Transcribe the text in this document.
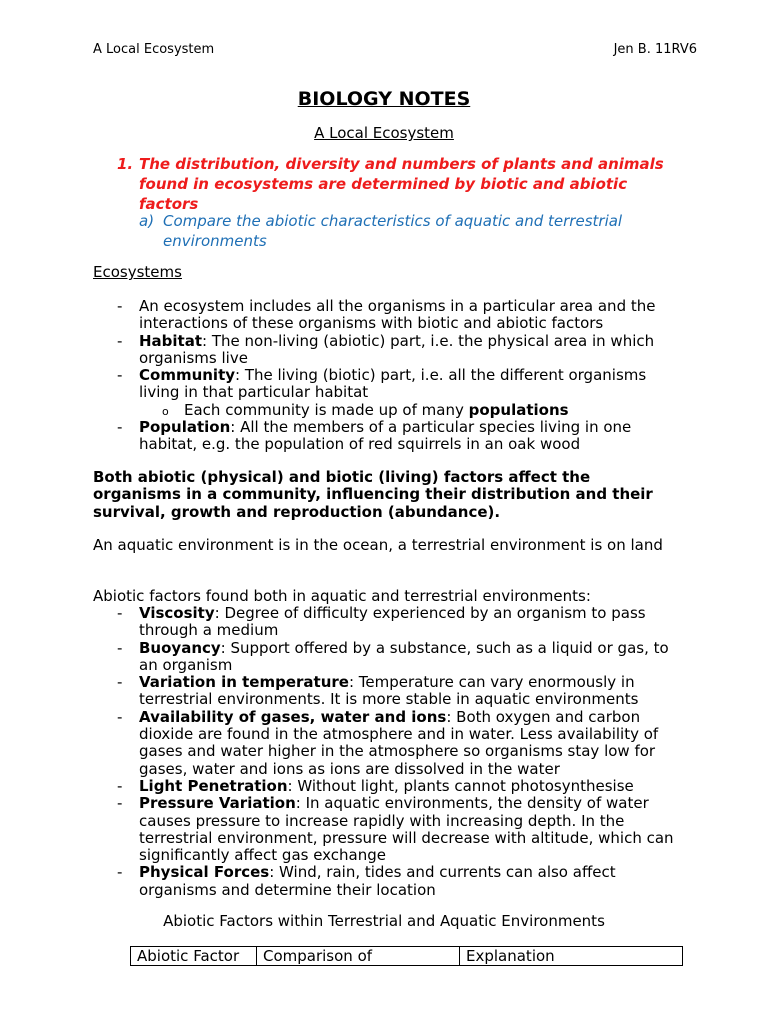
A Local Ecosystem	Jen B. 11RV6
BIOLOGY NOTES
A Local Ecosystem
1. The distribution, diversity and numbers of plants and animals found in ecosystems are determined by biotic and abiotic factors
a) Compare the abiotic characteristics of aquatic and terrestrial environments
Ecosystems
- An ecosystem includes all the organisms in a particular area and the interactions of these organisms with biotic and abiotic factors
- Habitat: The non-living (abiotic) part, i.e. the physical area in which organisms live
- Community: The living (biotic) part, i.e. all the different organisms living in that particular habitat
o Each community is made up of many populations
- Population: All the members of a particular species living in one habitat, e.g. the population of red squirrels in an oak wood
Both abiotic (physical) and biotic (living) factors affect the organisms in a community, influencing their distribution and their survival, growth and reproduction (abundance).
An aquatic environment is in the ocean, a terrestrial environment is on land
Abiotic factors found both in aquatic and terrestrial environments:
- Viscosity: Degree of difficulty experienced by an organism to pass through a medium
- Buoyancy: Support offered by a substance, such as a liquid or gas, to an organism
- Variation in temperature: Temperature can vary enormously in terrestrial environments. It is more stable in aquatic environments
- Availability of gases, water and ions: Both oxygen and carbon dioxide are found in the atmosphere and in water. Less availability of gases and water higher in the atmosphere so organisms stay low for gases, water and ions as ions are dissolved in the water
- Light Penetration: Without light, plants cannot photosynthesise
- Pressure Variation: In aquatic environments, the density of water causes pressure to increase rapidly with increasing depth. In the terrestrial environment, pressure will decrease with altitude, which can significantly affect gas exchange
- Physical Forces: Wind, rain, tides and currents can also affect organisms and determine their location
Abiotic Factors within Terrestrial and Aquatic Environments
Abiotic Factor	Comparison of	Explanation
